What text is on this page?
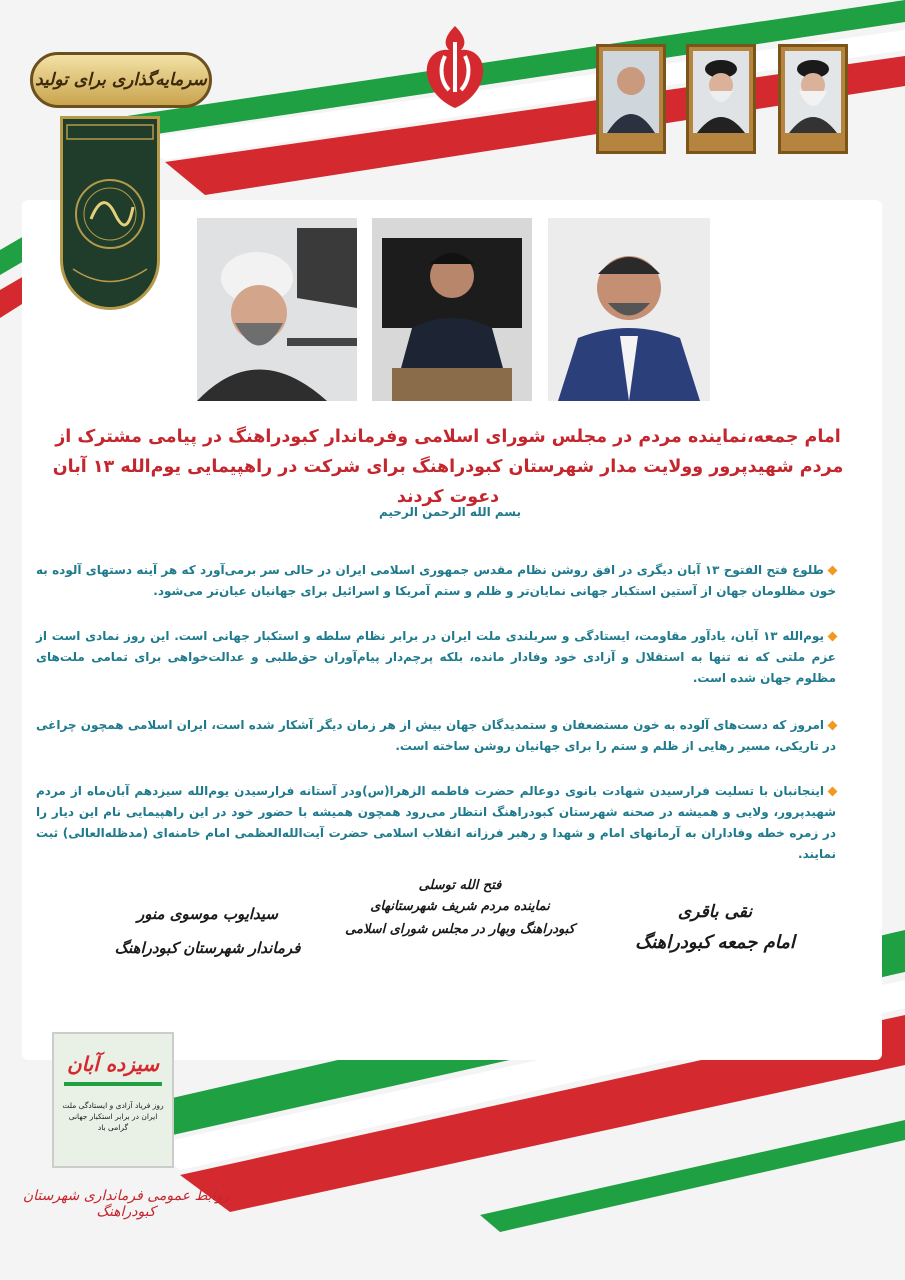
سرمایه‌گذاری برای تولید

امام جمعه،نماینده مردم در مجلس شورای اسلامی وفرماندار کبودراهنگ در پیامی مشترک از مردم شهیدپرور وولایت مدار شهرستان کبودراهنگ برای شرکت در راهپیمایی یوم‌الله ۱۳ آبان دعوت کردند

بسم الله الرحمن الرحیم

طلوع فتح الفتوح ۱۳ آبان دیگری در افق روشن نظام مقدس جمهوری اسلامی ایران در حالی سر برمی‌آورد که هر آینه دستهای آلوده به خون مظلومان جهان از آستین استکبار جهانی نمایان‌تر و ظلم و ستم آمریکا و اسرائیل برای جهانیان عیان‌تر می‌شود.

یوم‌الله ۱۳ آبان، یادآور مقاومت، ایستادگی و سربلندی ملت ایران در برابر نظام سلطه و استکبار جهانی است. این روز نمادی است از عزم ملتی که نه تنها به استقلال و آزادی خود وفادار مانده، بلکه پرچم‌دار پیام‌آوران حق‌طلبی و عدالت‌خواهی برای تمامی ملت‌های مظلوم جهان شده است.

امروز که دست‌های آلوده به خون مستضعفان و ستمدیدگان جهان بیش از هر زمان دیگر آشکار شده است، ایران اسلامی همچون چراغی در تاریکی، مسیر رهایی از ظلم و ستم را برای جهانیان روشن ساخته است.

اینجانبان با تسلیت فرارسیدن شهادت بانوی دوعالم حضرت فاطمه الزهرا(س)ودر آستانه فرارسیدن یوم‌الله سیزدهم آبان‌ماه از مردم شهیدپرور، ولایی و همیشه در صحنه شهرستان کبودراهنگ انتظار می‌رود همچون همیشه با حضور خود در این راهپیمایی نام این دیار را در زمره خطه وفاداران به آرمانهای امام و شهدا و رهبر فرزانه انقلاب اسلامی حضرت آیت‌الله‌العظمی امام خامنه‌ای (مدظله‌العالی) ثبت نمایند.

نقی باقری
امام جمعه کبودراهنگ
فتح الله توسلی
نماینده مردم شریف شهرستانهای
کبودراهنگ وبهار در مجلس شورای اسلامی
سیدایوب موسوی منور
فرماندار شهرستان کبودراهنگ
سیزده آبان
روز فریاد آزادی و ایستادگی ملت ایران در برابر استکبار جهانی گرامی باد
روابط عمومی فرمانداری شهرستان کبودراهنگ
